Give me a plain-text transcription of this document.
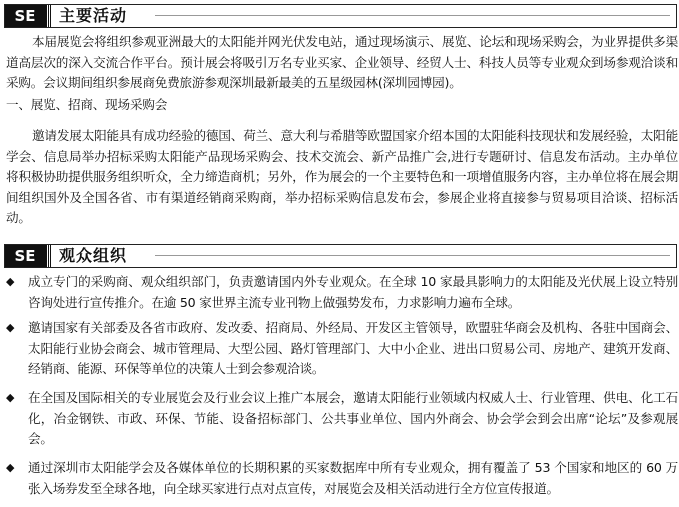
SE	主要活动

本届展览会将组织参观亚洲最大的太阳能并网光伏发电站，通过现场演示、展览、论坛和现场采购会，为业界提供多渠道高层次的深入交流合作平台。预计展会将吸引万名专业买家、企业领导、经贸人士、科技人员等专业观众到场参观洽谈和采购。会议期间组织参展商免费旅游参观深圳最新最美的五星级园林(深圳园博园)。

一、展览、招商、现场采购会

邀请发展太阳能具有成功经验的德国、荷兰、意大利与希腊等欧盟国家介绍本国的太阳能科技现状和发展经验，太阳能学会、信息局举办招标采购太阳能产品现场采购会、技术交流会、新产品推广会,进行专题研讨、信息发布活动。主办单位将积极协助提供服务组织听众，全力缔造商机；另外，作为展会的一个主要特色和一项增值服务内容，主办单位将在展会期间组织国外及全国各省、市有渠道经销商采购商，举办招标采购信息发布会，参展企业将直接参与贸易项目洽谈、招标活动。

SE	观众组织
◆	成立专门的采购商、观众组织部门，负责邀请国内外专业观众。在全球 10 家最具影响力的太阳能及光伏展上设立特别咨询处进行宣传推介。在逾 50 家世界主流专业刊物上做强势发布，力求影响力遍布全球。
◆	邀请国家有关部委及各省市政府、发改委、招商局、外经局、开发区主管领导，欧盟驻华商会及机构、各驻中国商会、太阳能行业协会商会、城市管理局、大型公园、路灯管理部门、大中小企业、进出口贸易公司、房地产、建筑开发商、经销商、能源、环保等单位的决策人士到会参观洽谈。
◆	在全国及国际相关的专业展览会及行业会议上推广本展会，邀请太阳能行业领域内权威人士、行业管理、供电、化工石化，冶金钢铁、市政、环保、节能、设备招标部门、公共事业单位、国内外商会、协会学会到会出席“论坛”及参观展会。
◆	通过深圳市太阳能学会及各媒体单位的长期积累的买家数据库中所有专业观众，拥有覆盖了 53 个国家和地区的 60 万张入场券发至全球各地，向全球买家进行点对点宣传，对展览会及相关活动进行全方位宣传报道。
